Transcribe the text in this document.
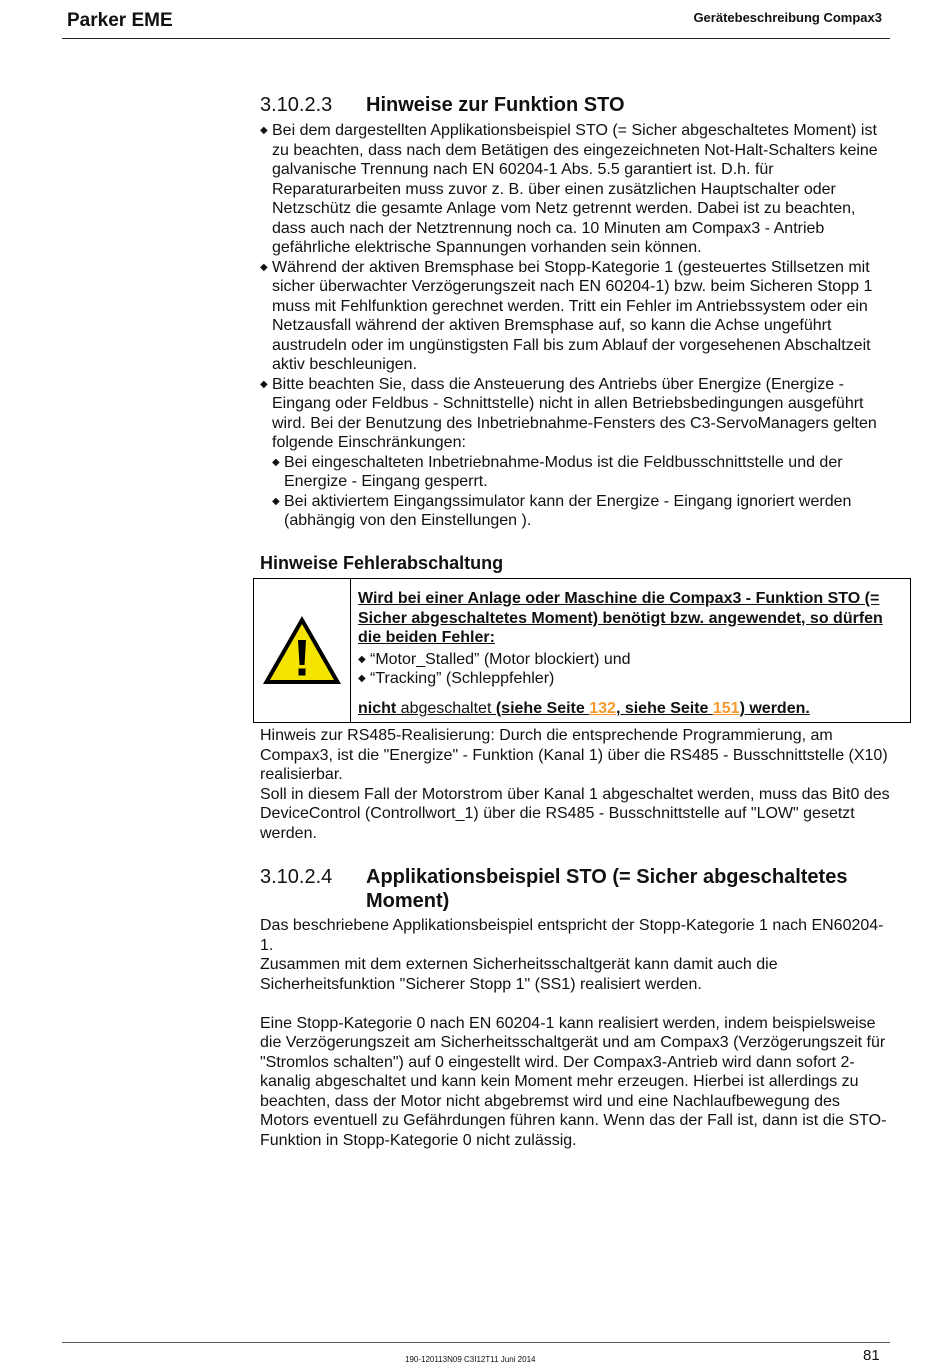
Parker EME	Gerätebeschreibung Compax3
3.10.2.3 Hinweise zur Funktion STO
◆ Bei dem dargestellten Applikationsbeispiel STO (= Sicher abgeschaltetes Moment) ist zu beachten, dass nach dem Betätigen des eingezeichneten Not-Halt-Schalters keine galvanische Trennung nach EN 60204-1 Abs. 5.5 garantiert ist. D.h. für Reparaturarbeiten muss zuvor z. B. über einen zusätzlichen Hauptschalter oder Netzschütz die gesamte Anlage vom Netz getrennt werden. Dabei ist zu beachten, dass auch nach der Netztrennung noch ca. 10 Minuten am Compax3 - Antrieb gefährliche elektrische Spannungen vorhanden sein können.
◆ Während der aktiven Bremsphase bei Stopp-Kategorie 1 (gesteuertes Stillsetzen mit sicher überwachter Verzögerungszeit nach EN 60204-1) bzw. beim Sicheren Stopp 1 muss mit Fehlfunktion gerechnet werden. Tritt ein Fehler im Antriebssystem oder ein Netzausfall während der aktiven Bremsphase auf, so kann die Achse ungeführt austrudeln oder im ungünstigsten Fall bis zum Ablauf der vorgesehenen Abschaltzeit aktiv beschleunigen.
◆ Bitte beachten Sie, dass die Ansteuerung des Antriebs über Energize (Energize - Eingang oder Feldbus - Schnittstelle) nicht in allen Betriebsbedingungen ausgeführt wird. Bei der Benutzung des Inbetriebnahme-Fensters des C3-ServoManagers gelten folgende Einschränkungen:
◆ Bei eingeschalteten Inbetriebnahme-Modus ist die Feldbusschnittstelle und der Energize - Eingang gesperrt.
◆ Bei aktiviertem Eingangssimulator kann der Energize - Eingang ignoriert werden (abhängig von den Einstellungen ).
Hinweise Fehlerabschaltung
Wird bei einer Anlage oder Maschine die Compax3 - Funktion STO (= Sicher abgeschaltetes Moment) benötigt bzw. angewendet, so dürfen die beiden Fehler:
◆ “Motor_Stalled” (Motor blockiert) und
◆ “Tracking” (Schleppfehler)
nicht abgeschaltet (siehe Seite 132, siehe Seite 151) werden.

Hinweis zur RS485-Realisierung: Durch die entsprechende Programmierung, am Compax3, ist die "Energize" - Funktion (Kanal 1) über die RS485 - Busschnittstelle (X10) realisierbar.

Soll in diesem Fall der Motorstrom über Kanal 1 abgeschaltet werden, muss das Bit0 des DeviceControl (Controllwort_1) über die RS485 - Busschnittstelle auf "LOW" gesetzt werden.

3.10.2.4 Applikationsbeispiel STO (= Sicher abgeschaltetes Moment)

Das beschriebene Applikationsbeispiel entspricht der Stopp-Kategorie 1 nach EN60204-1.

Zusammen mit dem externen Sicherheitsschaltgerät kann damit auch die Sicherheitsfunktion "Sicherer Stopp 1" (SS1) realisiert werden.

Eine Stopp-Kategorie 0 nach EN 60204-1 kann realisiert werden, indem beispielsweise die Verzögerungszeit am Sicherheitsschaltgerät und am Compax3 (Verzögerungszeit für "Stromlos schalten") auf 0 eingestellt wird. Der Compax3-Antrieb wird dann sofort 2-kanalig abgeschaltet und kann kein Moment mehr erzeugen. Hierbei ist allerdings zu beachten, dass der Motor nicht abgebremst wird und eine Nachlaufbewegung des Motors eventuell zu Gefährdungen führen kann. Wenn das der Fall ist, dann ist die STO-Funktion in Stopp-Kategorie 0 nicht zulässig.

190-120113N09 C3I12T11 Juni 2014	81
